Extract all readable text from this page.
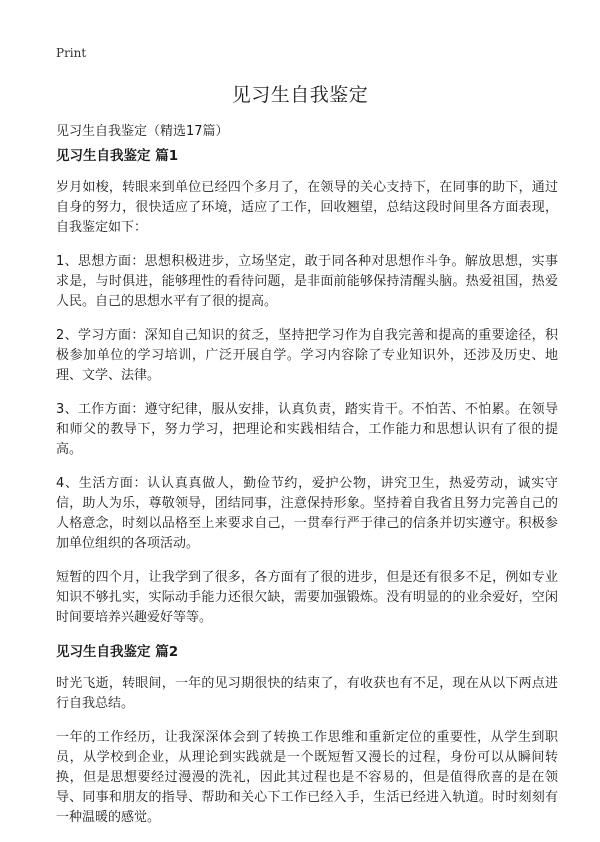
Print
见习生自我鉴定

见习生自我鉴定（精选17篇）

见习生自我鉴定 篇1

岁月如梭，转眼来到单位已经四个多月了，在领导的关心支持下，在同事的助下，通过自身的努力，很快适应了环境，适应了工作，回收翘望，总结这段时间里各方面表现，自我鉴定如下：

1、思想方面：思想积极进步，立场坚定，敢于同各种对思想作斗争。解放思想，实事求是，与时俱进，能够理性的看待问题，是非面前能够保持清醒头脑。热爱祖国，热爱人民。自己的思想水平有了很的提高。

2、学习方面：深知自己知识的贫乏，坚持把学习作为自我完善和提高的重要途径，积极参加单位的学习培训，广泛开展自学。学习内容除了专业知识外，还涉及历史、地理、文学、法律。

3、工作方面：遵守纪律，服从安排，认真负责，踏实肯干。不怕苦、不怕累。在领导和师父的教导下，努力学习，把理论和实践相结合，工作能力和思想认识有了很的提高。

4、生活方面：认认真真做人，勤俭节约，爱护公物，讲究卫生，热爱劳动，诚实守信，助人为乐，尊敬领导，团结同事，注意保持形象。坚持着自我省且努力完善自己的人格意念，时刻以品格至上来要求自己，一贯奉行严于律己的信条并切实遵守。积极参加单位组织的各项活动。

短暂的四个月，让我学到了很多，各方面有了很的进步，但是还有很多不足，例如专业知识不够扎实，实际动手能力还很欠缺，需要加强锻炼。没有明显的的业余爱好，空闲时间要培养兴趣爱好等等。

见习生自我鉴定 篇2

时光飞逝，转眼间，一年的见习期很快的结束了，有收获也有不足，现在从以下两点进行自我总结。

一年的工作经历，让我深深体会到了转换工作思维和重新定位的重要性，从学生到职员，从学校到企业，从理论到实践就是一个既短暂又漫长的过程，身份可以从瞬间转换，但是思想要经过漫漫的洗礼，因此其过程也是不容易的，但是值得欣喜的是在领导、同事和朋友的指导、帮助和关心下工作已经入手，生活已经进入轨道。时时刻刻有一种温暖的感觉。
